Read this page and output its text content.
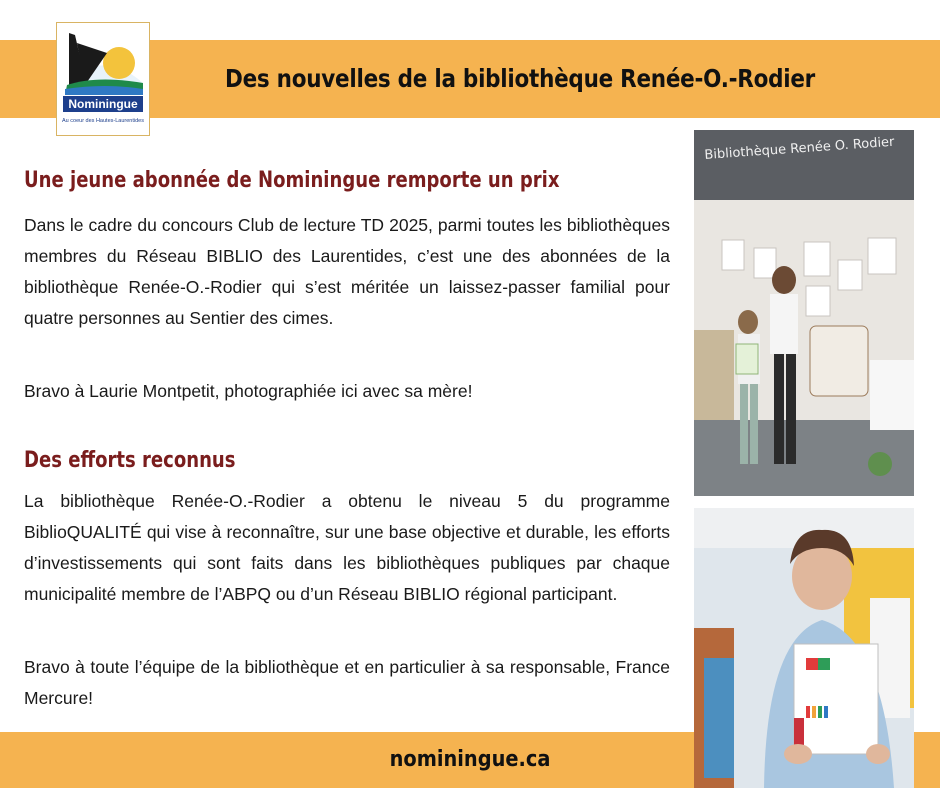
Nominingue
Au coeur des Hautes-Laurentides
Des nouvelles de la bibliothèque Renée-O.-Rodier
Une jeune abonnée de Nominingue remporte un prix

Dans le cadre du concours Club de lecture TD 2025, parmi toutes les bibliothèques membres du Réseau BIBLIO des Laurentides, c’est une des abonnées de la bibliothèque Renée-O.-Rodier qui s’est méritée un laissez-passer familial pour quatre personnes au Sentier des cimes.

Bravo à Laurie Montpetit, photographiée ici avec sa mère!

Des efforts reconnus

La bibliothèque Renée-O.-Rodier a obtenu le niveau 5 du programme BiblioQUALITÉ qui vise à reconnaître, sur une base objective et durable, les efforts d’investissements qui sont faits dans les bibliothèques publiques par chaque municipalité membre de l’ABPQ ou d’un Réseau BIBLIO régional participant.

Bravo à toute l’équipe de la bibliothèque et en particulier à sa responsable, France Mercure!

Bibliothèque Renée O. Rodier
nominingue.ca
